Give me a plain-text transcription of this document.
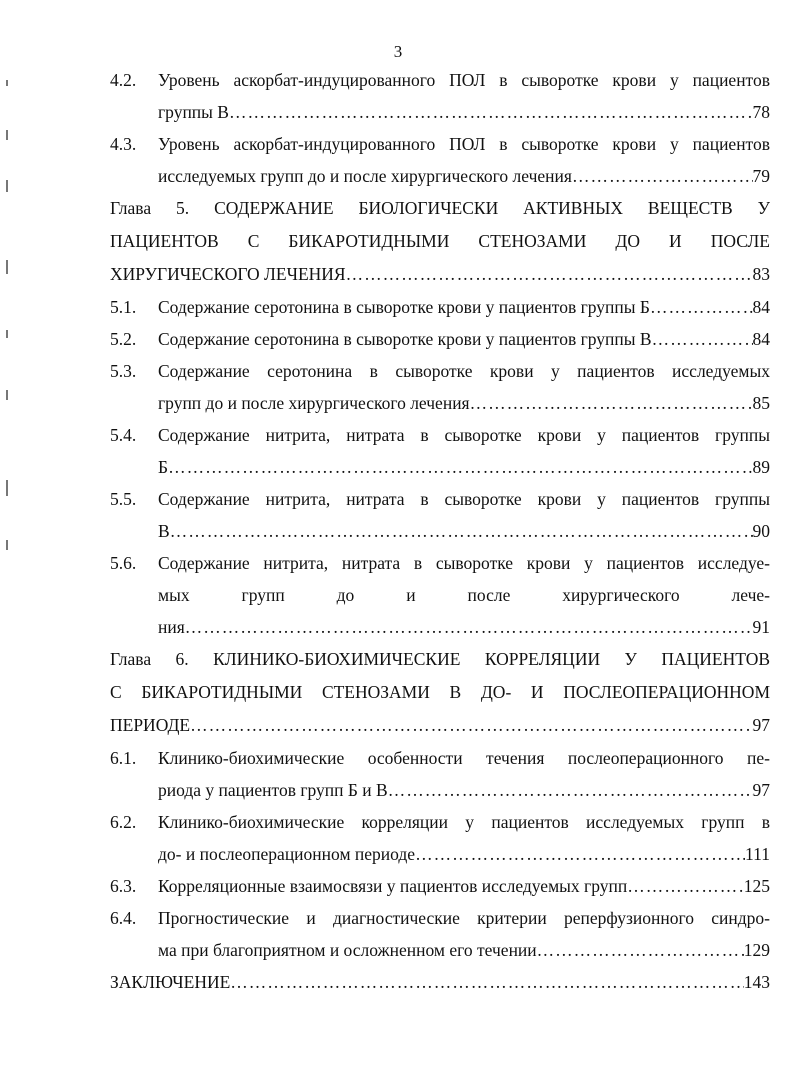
3
4.2.	Уровень аскорбат-индуцированного ПОЛ в сыворотке крови у пациентов
группы В ……………………………………………………………………………………………………………………………………………	78
4.3.	Уровень аскорбат-индуцированного ПОЛ в сыворотке крови у пациентов
исследуемых групп до и после хирургического лечения ……………………………………………………………………………………………………………………………………………	79
Глава 5. СОДЕРЖАНИЕ БИОЛОГИЧЕСКИ АКТИВНЫХ ВЕЩЕСТВ У
ПАЦИЕНТОВ С БИКАРОТИДНЫМИ СТЕНОЗАМИ ДО И ПОСЛЕ
ХИРУГИЧЕСКОГО ЛЕЧЕНИЯ ……………………………………………………………………………………………………………………………………………	83
5.1.	Содержание серотонина в сыворотке крови у пациентов группы Б ……………………………………………………………………………………………………………………………………………	84
5.2.	Содержание серотонина в сыворотке крови у пациентов группы В ……………………………………………………………………………………………………………………………………………	84
5.3.	Содержание серотонина в сыворотке крови у пациентов исследуемых
групп до и после хирургического лечения ……………………………………………………………………………………………………………………………………………	85
5.4.	Содержание нитрита, нитрата в сыворотке крови у пациентов группы
Б ……………………………………………………………………………………………………………………………………………	89
5.5.	Содержание нитрита, нитрата в сыворотке крови у пациентов группы
В ……………………………………………………………………………………………………………………………………………	90
5.6.	Содержание нитрита, нитрата в сыворотке крови у пациентов исследуе-
мых групп до и после хирургического лече-
ния ……………………………………………………………………………………………………………………………………………	91
Глава 6. КЛИНИКО-БИОХИМИЧЕСКИЕ КОРРЕЛЯЦИИ У ПАЦИЕНТОВ
С БИКАРОТИДНЫМИ СТЕНОЗАМИ В ДО- И ПОСЛЕОПЕРАЦИОННОМ
ПЕРИОДЕ ……………………………………………………………………………………………………………………………………………	97
6.1.	Клинико-биохимические особенности течения послеоперационного пе-
риода у пациентов групп Б и В ……………………………………………………………………………………………………………………………………………	97
6.2.	Клинико-биохимические корреляции у пациентов исследуемых групп в
до- и послеоперационном периоде ……………………………………………………………………………………………………………………………………………	111
6.3.	Корреляционные взаимосвязи у пациентов исследуемых групп ……………………………………………………………………………………………………………………………………………	125
6.4.	Прогностические и диагностические критерии реперфузионного синдро-
ма при благоприятном и осложненном его течении ……………………………………………………………………………………………………………………………………………	129
ЗАКЛЮЧЕНИЕ ……………………………………………………………………………………………………………………………………………	143
